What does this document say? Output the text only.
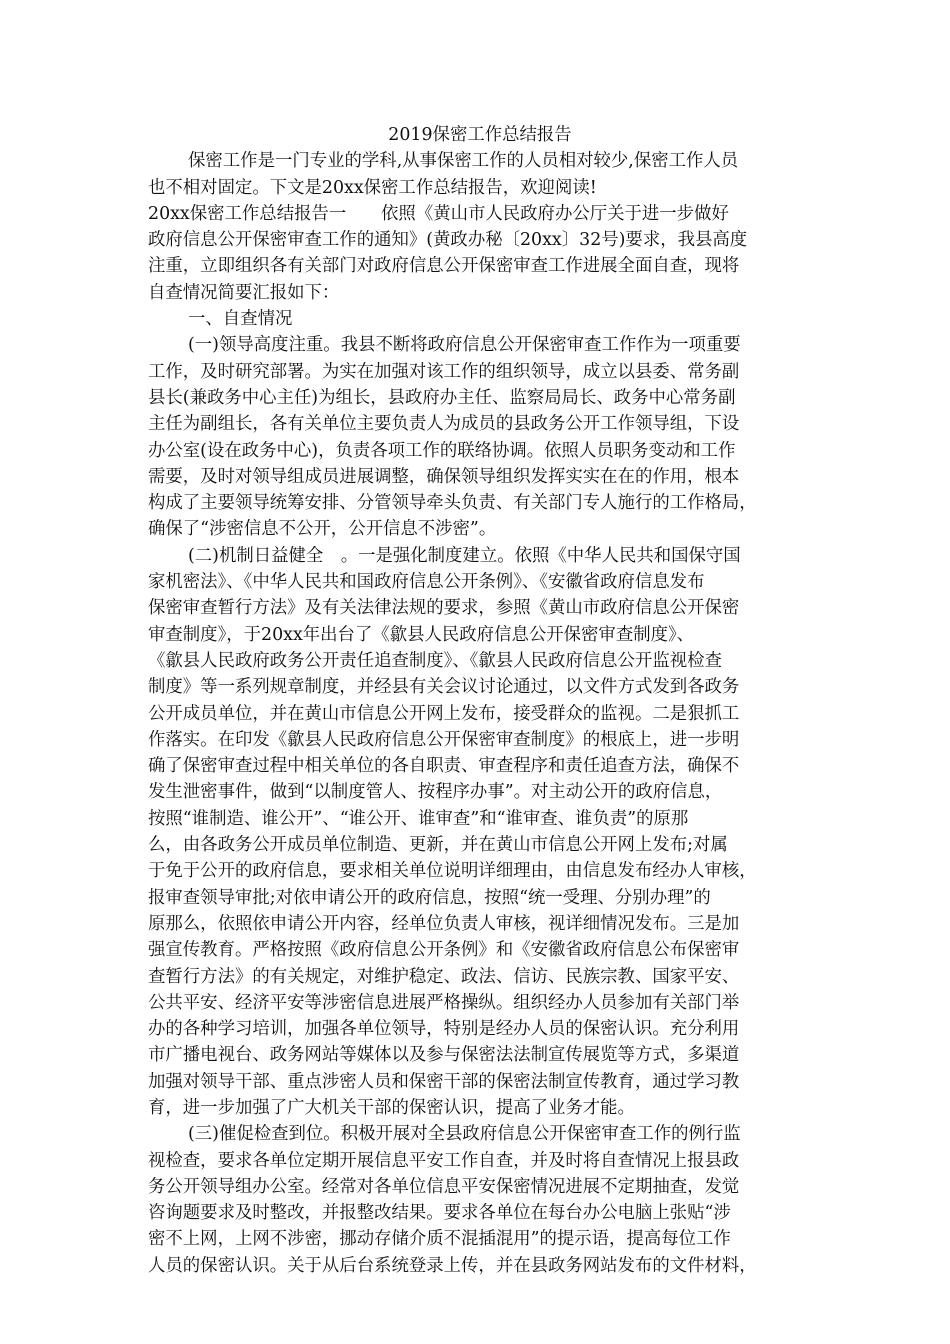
2019保密工作总结报告
保密工作是一门专业的学科,从事保密工作的人员相对较少,保密工作人员
也不相对固定。下文是20xx保密工作总结报告，欢迎阅读!
20xx保密工作总结报告一　　依照《黄山市人民政府办公厅关于进一步做好
政府信息公开保密审查工作的通知》(黄政办秘〔20xx〕32号)要求，我县高度
注重，立即组织各有关部门对政府信息公开保密审查工作进展全面自查，现将
自查情况简要汇报如下：
一、自查情况
(一)领导高度注重。我县不断将政府信息公开保密审查工作作为一项重要
工作，及时研究部署。为实在加强对该工作的组织领导，成立以县委、常务副
县长(兼政务中心主任)为组长，县政府办主任、监察局局长、政务中心常务副
主任为副组长，各有关单位主要负责人为成员的县政务公开工作领导组，下设
办公室(设在政务中心)，负责各项工作的联络协调。依照人员职务变动和工作
需要，及时对领导组成员进展调整，确保领导组织发挥实实在在的作用，根本
构成了主要领导统筹安排、分管领导牵头负责、有关部门专人施行的工作格局，
确保了“涉密信息不公开，公开信息不涉密”。
(二)机制日益健全　。一是强化制度建立。依照《中华人民共和国保守国
家机密法》、《中华人民共和国政府信息公开条例》、《安徽省政府信息发布
保密审查暂行方法》及有关法律法规的要求，参照《黄山市政府信息公开保密
审查制度》，于20xx年出台了《歙县人民政府信息公开保密审查制度》、
《歙县人民政府政务公开责任追查制度》、《歙县人民政府信息公开监视检查
制度》等一系列规章制度，并经县有关会议讨论通过，以文件方式发到各政务
公开成员单位，并在黄山市信息公开网上发布，接受群众的监视。二是狠抓工
作落实。在印发《歙县人民政府信息公开保密审查制度》的根底上，进一步明
确了保密审查过程中相关单位的各自职责、审查程序和责任追查方法，确保不
发生泄密事件，做到“以制度管人、按程序办事”。对主动公开的政府信息，
按照“谁制造、谁公开”、“谁公开、谁审查”和“谁审查、谁负责”的原那
么，由各政务公开成员单位制造、更新，并在黄山市信息公开网上发布;对属
于免于公开的政府信息，要求相关单位说明详细理由，由信息发布经办人审核，
报审查领导审批;对依申请公开的政府信息，按照“统一受理、分别办理”的
原那么，依照依申请公开内容，经单位负责人审核，视详细情况发布。三是加
强宣传教育。严格按照《政府信息公开条例》和《安徽省政府信息公布保密审
查暂行方法》的有关规定，对维护稳定、政法、信访、民族宗教、国家平安、
公共平安、经济平安等涉密信息进展严格操纵。组织经办人员参加有关部门举
办的各种学习培训，加强各单位领导，特别是经办人员的保密认识。充分利用
市广播电视台、政务网站等媒体以及参与保密法法制宣传展览等方式，多渠道
加强对领导干部、重点涉密人员和保密干部的保密法制宣传教育，通过学习教
育，进一步加强了广大机关干部的保密认识，提高了业务才能。
(三)催促检查到位。积极开展对全县政府信息公开保密审查工作的例行监
视检查，要求各单位定期开展信息平安工作自查，并及时将自查情况上报县政
务公开领导组办公室。经常对各单位信息平安保密情况进展不定期抽查，发觉
咨询题要求及时整改，并报整改结果。要求各单位在每台办公电脑上张贴“涉
密不上网，上网不涉密，挪动存储介质不混插混用”的提示语，提高每位工作
人员的保密认识。关于从后台系统登录上传，并在县政务网站发布的文件材料，
